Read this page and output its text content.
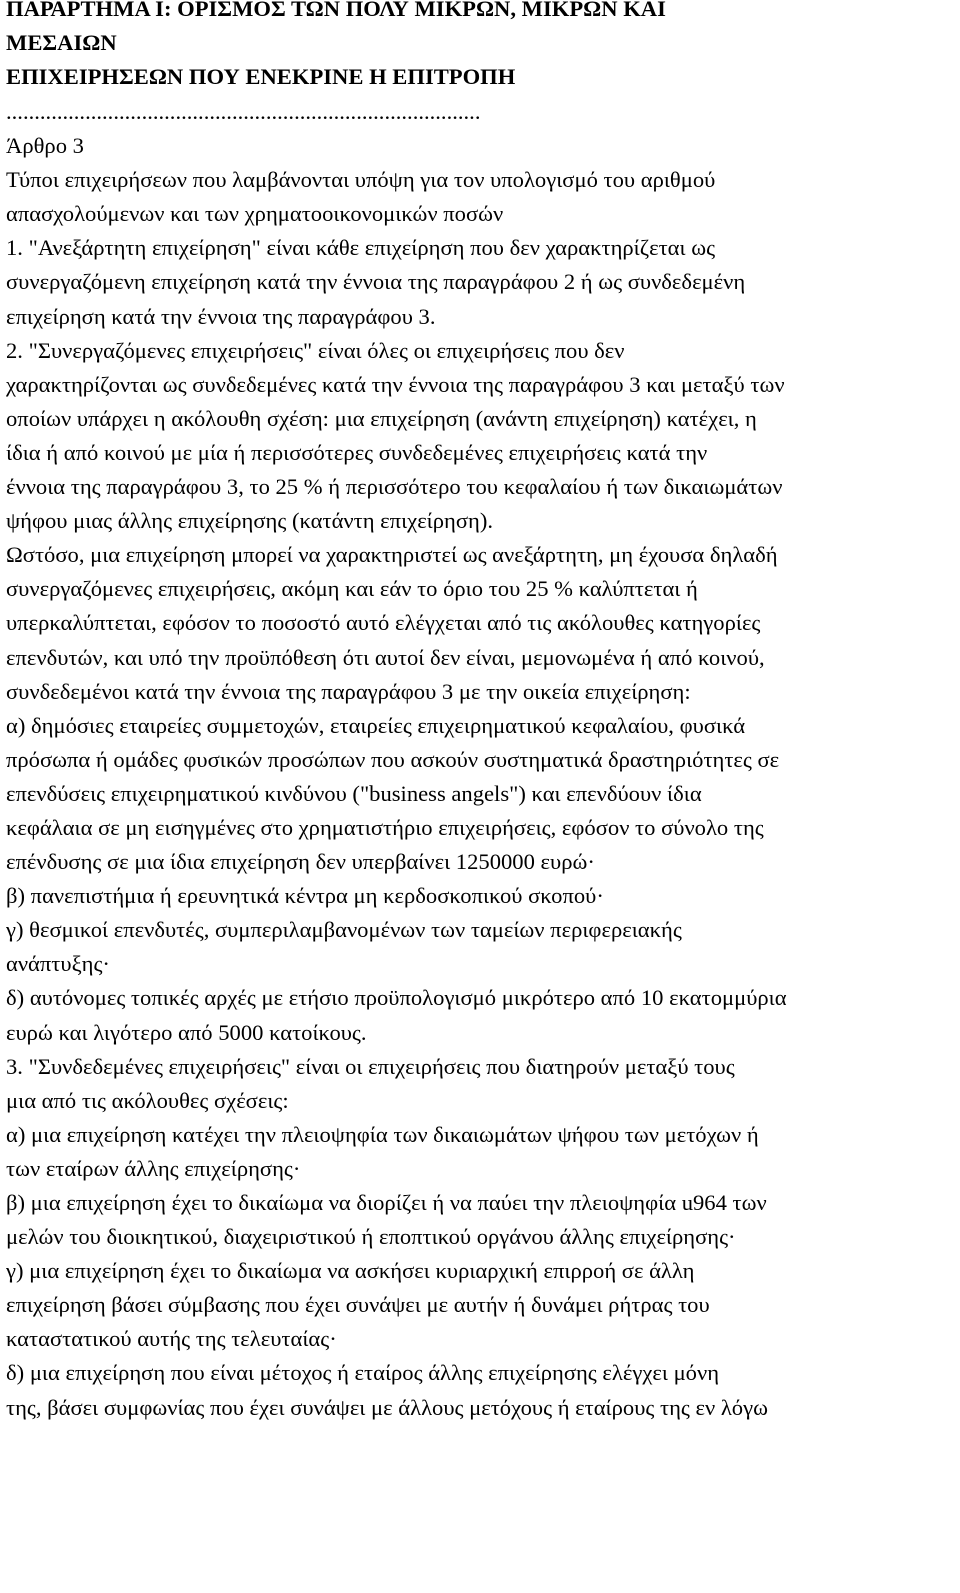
ΠΑΡΑΡΤΗΜΑ Ι: ΟΡΙΣΜΟΣ ΤΩΝ ΠΟΛΥ ΜΙΚΡΩΝ, ΜΙΚΡΩΝ ΚΑΙ
ΜΕΣΑΙΩΝ
ΕΠΙΧΕΙΡΗΣΕΩΝ ΠΟΥ ΕΝΕΚΡΙΝΕ Η ΕΠΙΤΡΟΠΗ
....................................................................................
Άρθρο 3
Τύποι επιχειρήσεων που λαμβάνονται υπόψη για τον υπολογισμό του αριθμού
απασχολούμενων και των χρηματοοικονομικών ποσών
1. "Ανεξάρτητη επιχείρηση" είναι κάθε επιχείρηση που δεν χαρακτηρίζεται ως
συνεργαζόμενη επιχείρηση κατά την έννοια της παραγράφου 2 ή ως συνδεδεμένη
επιχείρηση κατά την έννοια της παραγράφου 3.
2. "Συνεργαζόμενες επιχειρήσεις" είναι όλες οι επιχειρήσεις που δεν
χαρακτηρίζονται ως συνδεδεμένες κατά την έννοια της παραγράφου 3 και μεταξύ των
οποίων υπάρχει η ακόλουθη σχέση: μια επιχείρηση (ανάντη επιχείρηση) κατέχει, η
ίδια ή από κοινού με μία ή περισσότερες συνδεδεμένες επιχειρήσεις κατά την
έννοια της παραγράφου 3, το 25 % ή περισσότερο του κεφαλαίου ή των δικαιωμάτων
ψήφου μιας άλλης επιχείρησης (κατάντη επιχείρηση).
Ωστόσο, μια επιχείρηση μπορεί να χαρακτηριστεί ως ανεξάρτητη, μη έχουσα δηλαδή
συνεργαζόμενες επιχειρήσεις, ακόμη και εάν το όριο του 25 % καλύπτεται ή
υπερκαλύπτεται, εφόσον το ποσοστό αυτό ελέγχεται από τις ακόλουθες κατηγορίες
επενδυτών, και υπό την προϋπόθεση ότι αυτοί δεν είναι, μεμονωμένα ή από κοινού,
συνδεδεμένοι κατά την έννοια της παραγράφου 3 με την οικεία επιχείρηση:
α) δημόσιες εταιρείες συμμετοχών, εταιρείες επιχειρηματικού κεφαλαίου, φυσικά
πρόσωπα ή ομάδες φυσικών προσώπων που ασκούν συστηματικά δραστηριότητες σε
επενδύσεις επιχειρηματικού κινδύνου ("business angels") και επενδύουν ίδια
κεφάλαια σε μη εισηγμένες στο χρηματιστήριο επιχειρήσεις, εφόσον το σύνολο της
επένδυσης σε μια ίδια επιχείρηση δεν υπερβαίνει 1250000 ευρώ·
β) πανεπιστήμια ή ερευνητικά κέντρα μη κερδοσκοπικού σκοπού·
γ) θεσμικοί επενδυτές, συμπεριλαμβανομένων των ταμείων περιφερειακής
ανάπτυξης·
δ) αυτόνομες τοπικές αρχές με ετήσιο προϋπολογισμό μικρότερο από 10 εκατομμύρια
ευρώ και λιγότερο από 5000 κατοίκους.
3. "Συνδεδεμένες επιχειρήσεις" είναι οι επιχειρήσεις που διατηρούν μεταξύ τους
μια από τις ακόλουθες σχέσεις:
α) μια επιχείρηση κατέχει την πλειοψηφία των δικαιωμάτων ψήφου των μετόχων ή
των εταίρων άλλης επιχείρησης·
β) μια επιχείρηση έχει το δικαίωμα να διορίζει ή να παύει την πλειοψηφία u964 των
μελών του διοικητικού, διαχειριστικού ή εποπτικού οργάνου άλλης επιχείρησης·
γ) μια επιχείρηση έχει το δικαίωμα να ασκήσει κυριαρχική επιρροή σε άλλη
επιχείρηση βάσει σύμβασης που έχει συνάψει με αυτήν ή δυνάμει ρήτρας του
καταστατικού αυτής της τελευταίας·
δ) μια επιχείρηση που είναι μέτοχος ή εταίρος άλλης επιχείρησης ελέγχει μόνη
της, βάσει συμφωνίας που έχει συνάψει με άλλους μετόχους ή εταίρους της εν λόγω
